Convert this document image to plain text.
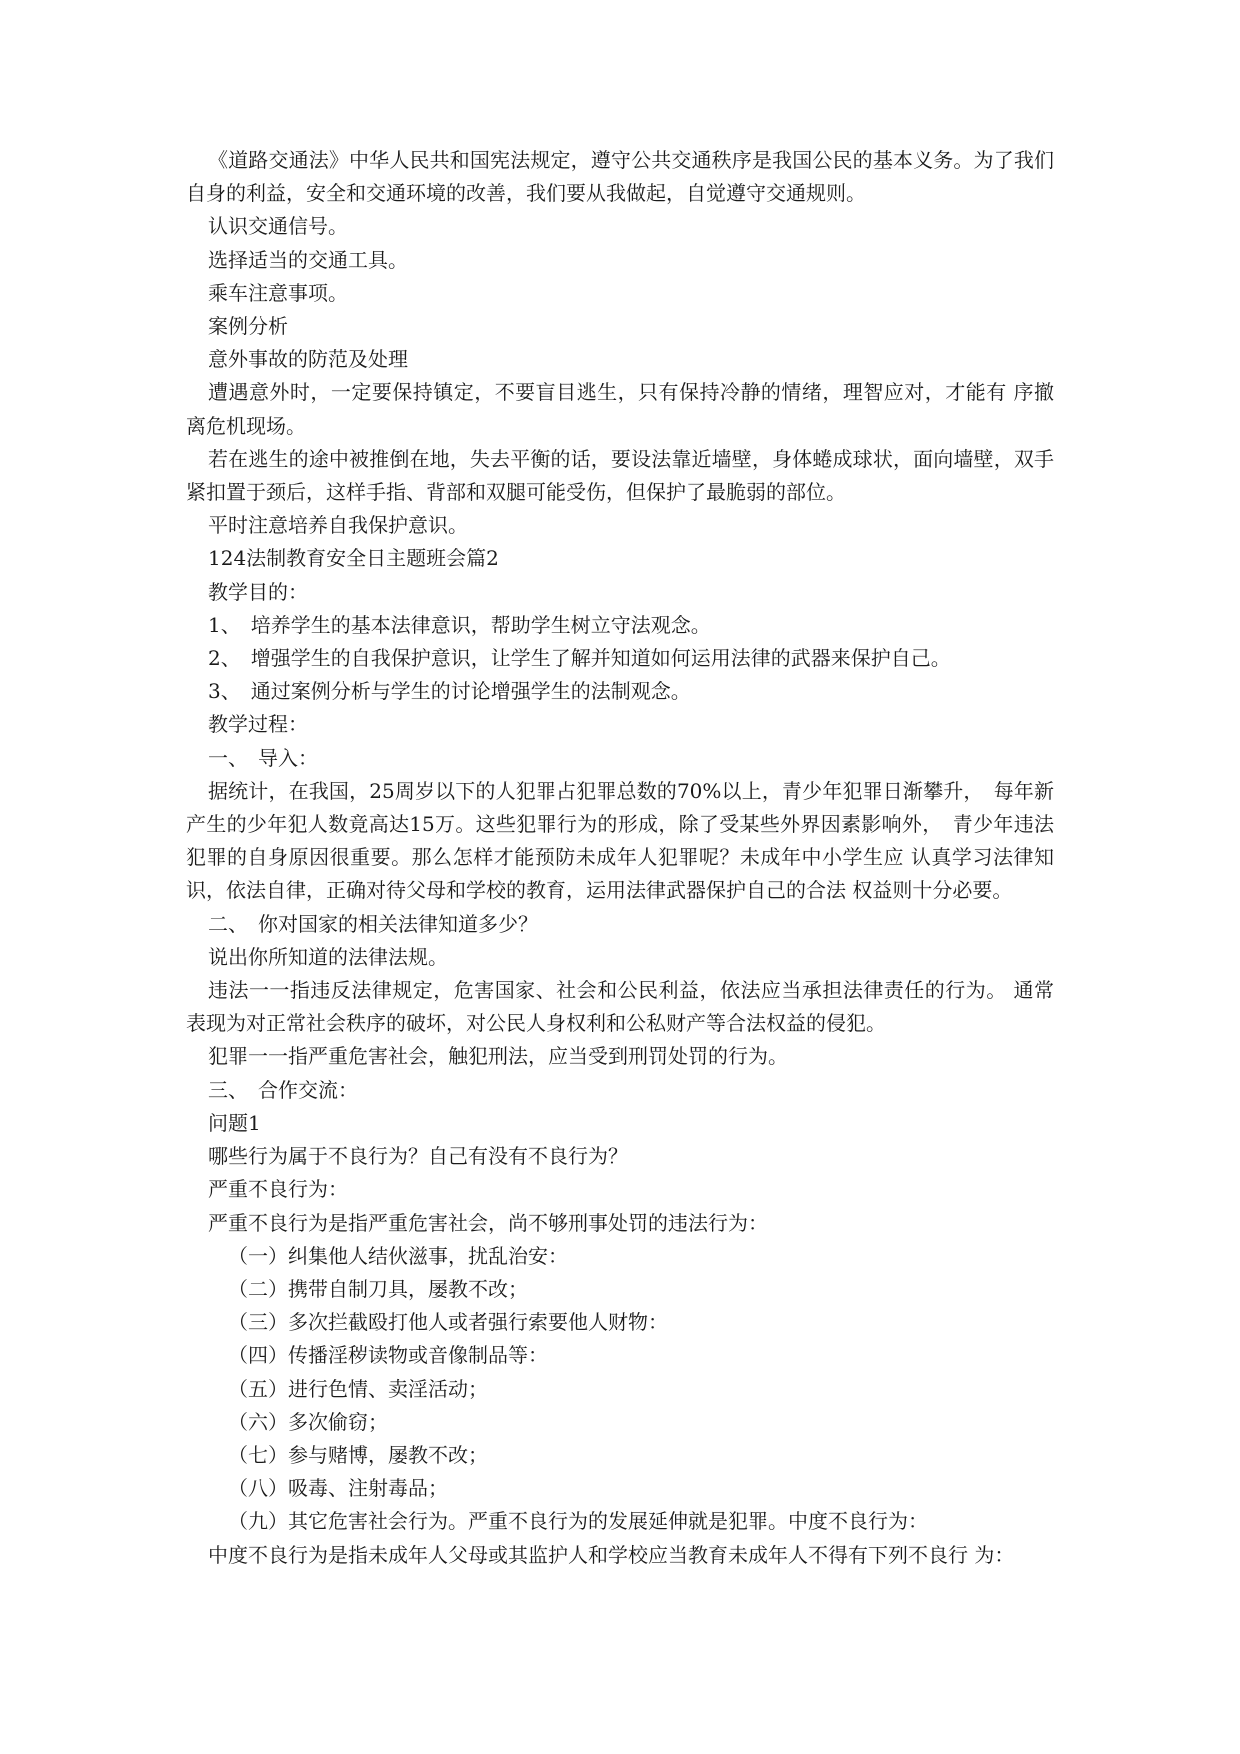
《道路交通法》中华人民共和国宪法规定，遵守公共交通秩序是我国公民的基本义务。为了我们自身的利益，安全和交通环境的改善，我们要从我做起，自觉遵守交通规则。

认识交通信号。

选择适当的交通工具。

乘车注意事项。

案例分析

意外事故的防范及处理

遭遇意外时，一定要保持镇定，不要盲目逃生，只有保持冷静的情绪，理智应对，才能有 序撤离危机现场。

若在逃生的途中被推倒在地，失去平衡的话，要设法靠近墙壁，身体蜷成球状，面向墙壁，双手紧扣置于颈后，这样手指、背部和双腿可能受伤，但保护了最脆弱的部位。

平时注意培养自我保护意识。

124法制教育安全日主题班会篇2

教学目的：

1、　培养学生的基本法律意识，帮助学生树立守法观念。

2、　增强学生的自我保护意识，让学生了解并知道如何运用法律的武器来保护自己。

3、　通过案例分析与学生的讨论增强学生的法制观念。

教学过程：

一、　导入：

据统计，在我国，25周岁以下的人犯罪占犯罪总数的70%以上，青少年犯罪日渐攀升，　每年新产生的少年犯人数竟高达15万。这些犯罪行为的形成，除了受某些外界因素影响外，　青少年违法犯罪的自身原因很重要。那么怎样才能预防未成年人犯罪呢？未成年中小学生应 认真学习法律知识，依法自律，正确对待父母和学校的教育，运用法律武器保护自己的合法 权益则十分必要。

二、　你对国家的相关法律知道多少？

说出你所知道的法律法规。

违法一一指违反法律规定，危害国家、社会和公民利益，依法应当承担法律责任的行为。 通常表现为对正常社会秩序的破坏，对公民人身权利和公私财产等合法权益的侵犯。

犯罪一一指严重危害社会，触犯刑法，应当受到刑罚处罚的行为。

三、　合作交流：

问题1

哪些行为属于不良行为？自己有没有不良行为？

严重不良行为：

严重不良行为是指严重危害社会，尚不够刑事处罚的违法行为：

（一）纠集他人结伙滋事，扰乱治安：

（二）携带自制刀具，屡教不改；

（三）多次拦截殴打他人或者强行索要他人财物：

（四）传播淫秽读物或音像制品等：

（五）进行色情、卖淫活动；

（六）多次偷窃；

（七）参与赌博，屡教不改；

（八）吸毒、注射毒品；

（九）其它危害社会行为。严重不良行为的发展延伸就是犯罪。中度不良行为：

中度不良行为是指未成年人父母或其监护人和学校应当教育未成年人不得有下列不良行 为：
